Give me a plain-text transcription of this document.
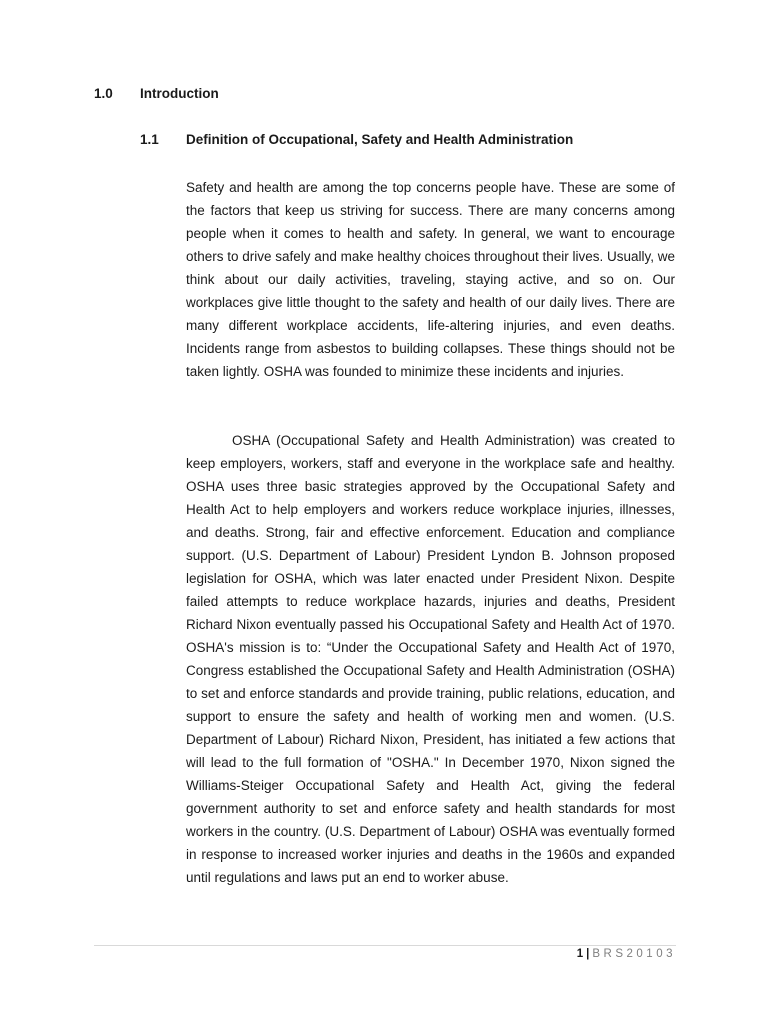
1.0 Introduction
1.1 Definition of Occupational, Safety and Health Administration

Safety and health are among the top concerns people have. These are some of the factors that keep us striving for success. There are many concerns among people when it comes to health and safety. In general, we want to encourage others to drive safely and make healthy choices throughout their lives. Usually, we think about our daily activities, traveling, staying active, and so on. Our workplaces give little thought to the safety and health of our daily lives. There are many different workplace accidents, life-altering injuries, and even deaths. Incidents range from asbestos to building collapses. These things should not be taken lightly. OSHA was founded to minimize these incidents and injuries.

OSHA (Occupational Safety and Health Administration) was created to keep employers, workers, staff and everyone in the workplace safe and healthy. OSHA uses three basic strategies approved by the Occupational Safety and Health Act to help employers and workers reduce workplace injuries, illnesses, and deaths. Strong, fair and effective enforcement. Education and compliance support. (U.S. Department of Labour) President Lyndon B. Johnson proposed legislation for OSHA, which was later enacted under President Nixon. Despite failed attempts to reduce workplace hazards, injuries and deaths, President Richard Nixon eventually passed his Occupational Safety and Health Act of 1970. OSHA's mission is to: “Under the Occupational Safety and Health Act of 1970, Congress established the Occupational Safety and Health Administration (OSHA) to set and enforce standards and provide training, public relations, education, and support to ensure the safety and health of working men and women. (U.S. Department of Labour) Richard Nixon, President, has initiated a few actions that will lead to the full formation of "OSHA." In December 1970, Nixon signed the Williams-Steiger Occupational Safety and Health Act, giving the federal government authority to set and enforce safety and health standards for most workers in the country. (U.S. Department of Labour) OSHA was eventually formed in response to increased worker injuries and deaths in the 1960s and expanded until regulations and laws put an end to worker abuse.

1 | BRS20103
